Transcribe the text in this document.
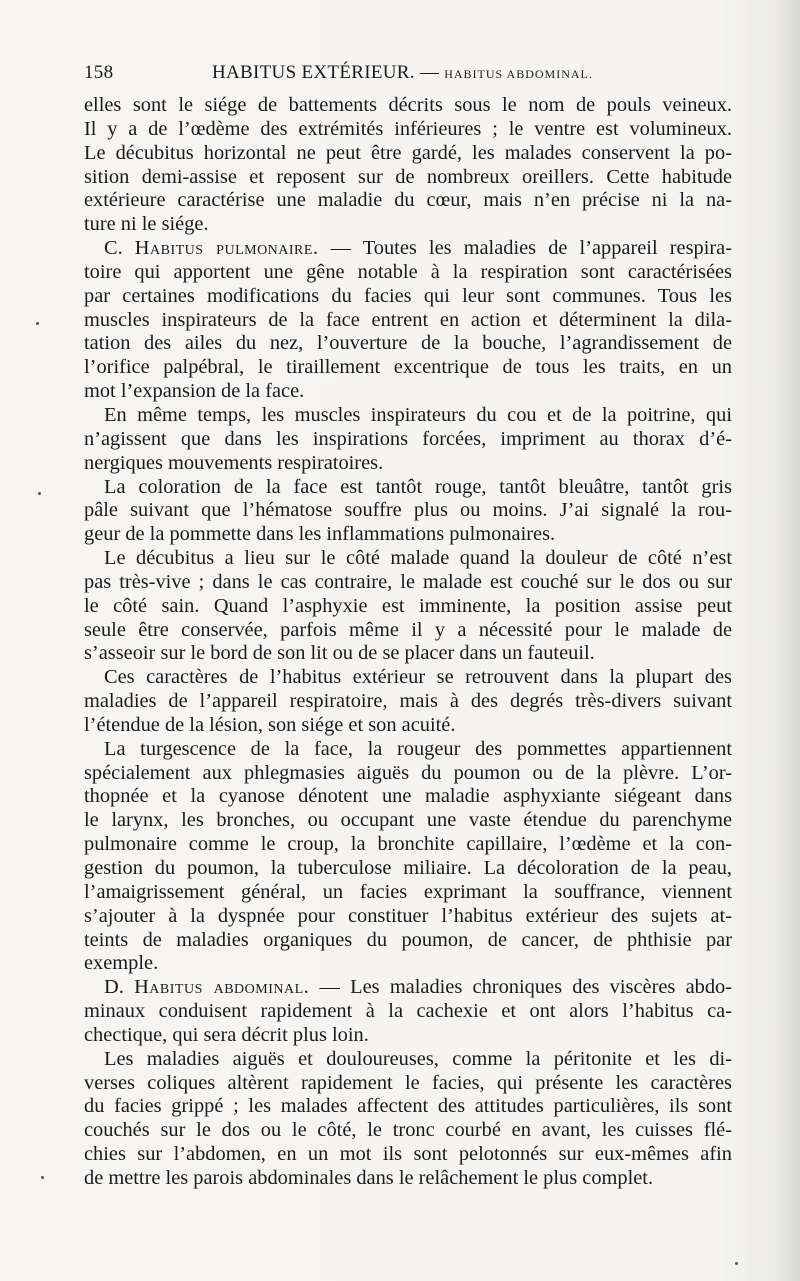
158	HABITUS EXTÉRIEUR. — HABITUS ABDOMINAL.
elles sont le siége de battements décrits sous le nom de pouls veineux.
Il y a de l’œdème des extrémités inférieures ; le ventre est volumineux.
Le décubitus horizontal ne peut être gardé, les malades conservent la po-
sition demi-assise et reposent sur de nombreux oreillers. Cette habitude
extérieure caractérise une maladie du cœur, mais n’en précise ni la na-
ture ni le siége.
C. Habitus pulmonaire. — Toutes les maladies de l’appareil respira-
toire qui apportent une gêne notable à la respiration sont caractérisées
par certaines modifications du facies qui leur sont communes. Tous les
muscles inspirateurs de la face entrent en action et déterminent la dila-
tation des ailes du nez, l’ouverture de la bouche, l’agrandissement de
l’orifice palpébral, le tiraillement excentrique de tous les traits, en un
mot l’expansion de la face.
En même temps, les muscles inspirateurs du cou et de la poitrine, qui
n’agissent que dans les inspirations forcées, impriment au thorax d’é-
nergiques mouvements respiratoires.
La coloration de la face est tantôt rouge, tantôt bleuâtre, tantôt gris
pâle suivant que l’hématose souffre plus ou moins. J’ai signalé la rou-
geur de la pommette dans les inflammations pulmonaires.
Le décubitus a lieu sur le côté malade quand la douleur de côté n’est
pas très-vive ; dans le cas contraire, le malade est couché sur le dos ou sur
le côté sain. Quand l’asphyxie est imminente, la position assise peut
seule être conservée, parfois même il y a nécessité pour le malade de
s’asseoir sur le bord de son lit ou de se placer dans un fauteuil.
Ces caractères de l’habitus extérieur se retrouvent dans la plupart des
maladies de l’appareil respiratoire, mais à des degrés très-divers suivant
l’étendue de la lésion, son siége et son acuité.
La turgescence de la face, la rougeur des pommettes appartiennent
spécialement aux phlegmasies aiguës du poumon ou de la plèvre. L’or-
thopnée et la cyanose dénotent une maladie asphyxiante siégeant dans
le larynx, les bronches, ou occupant une vaste étendue du parenchyme
pulmonaire comme le croup, la bronchite capillaire, l’œdème et la con-
gestion du poumon, la tuberculose miliaire. La décoloration de la peau,
l’amaigrissement général, un facies exprimant la souffrance, viennent
s’ajouter à la dyspnée pour constituer l’habitus extérieur des sujets at-
teints de maladies organiques du poumon, de cancer, de phthisie par
exemple.
D. Habitus abdominal. — Les maladies chroniques des viscères abdo-
minaux conduisent rapidement à la cachexie et ont alors l’habitus ca-
chectique, qui sera décrit plus loin.
Les maladies aiguës et douloureuses, comme la péritonite et les di-
verses coliques altèrent rapidement le facies, qui présente les caractères
du facies grippé ; les malades affectent des attitudes particulières, ils sont
couchés sur le dos ou le côté, le tronc courbé en avant, les cuisses flé-
chies sur l’abdomen, en un mot ils sont pelotonnés sur eux-mêmes afin
de mettre les parois abdominales dans le relâchement le plus complet.
